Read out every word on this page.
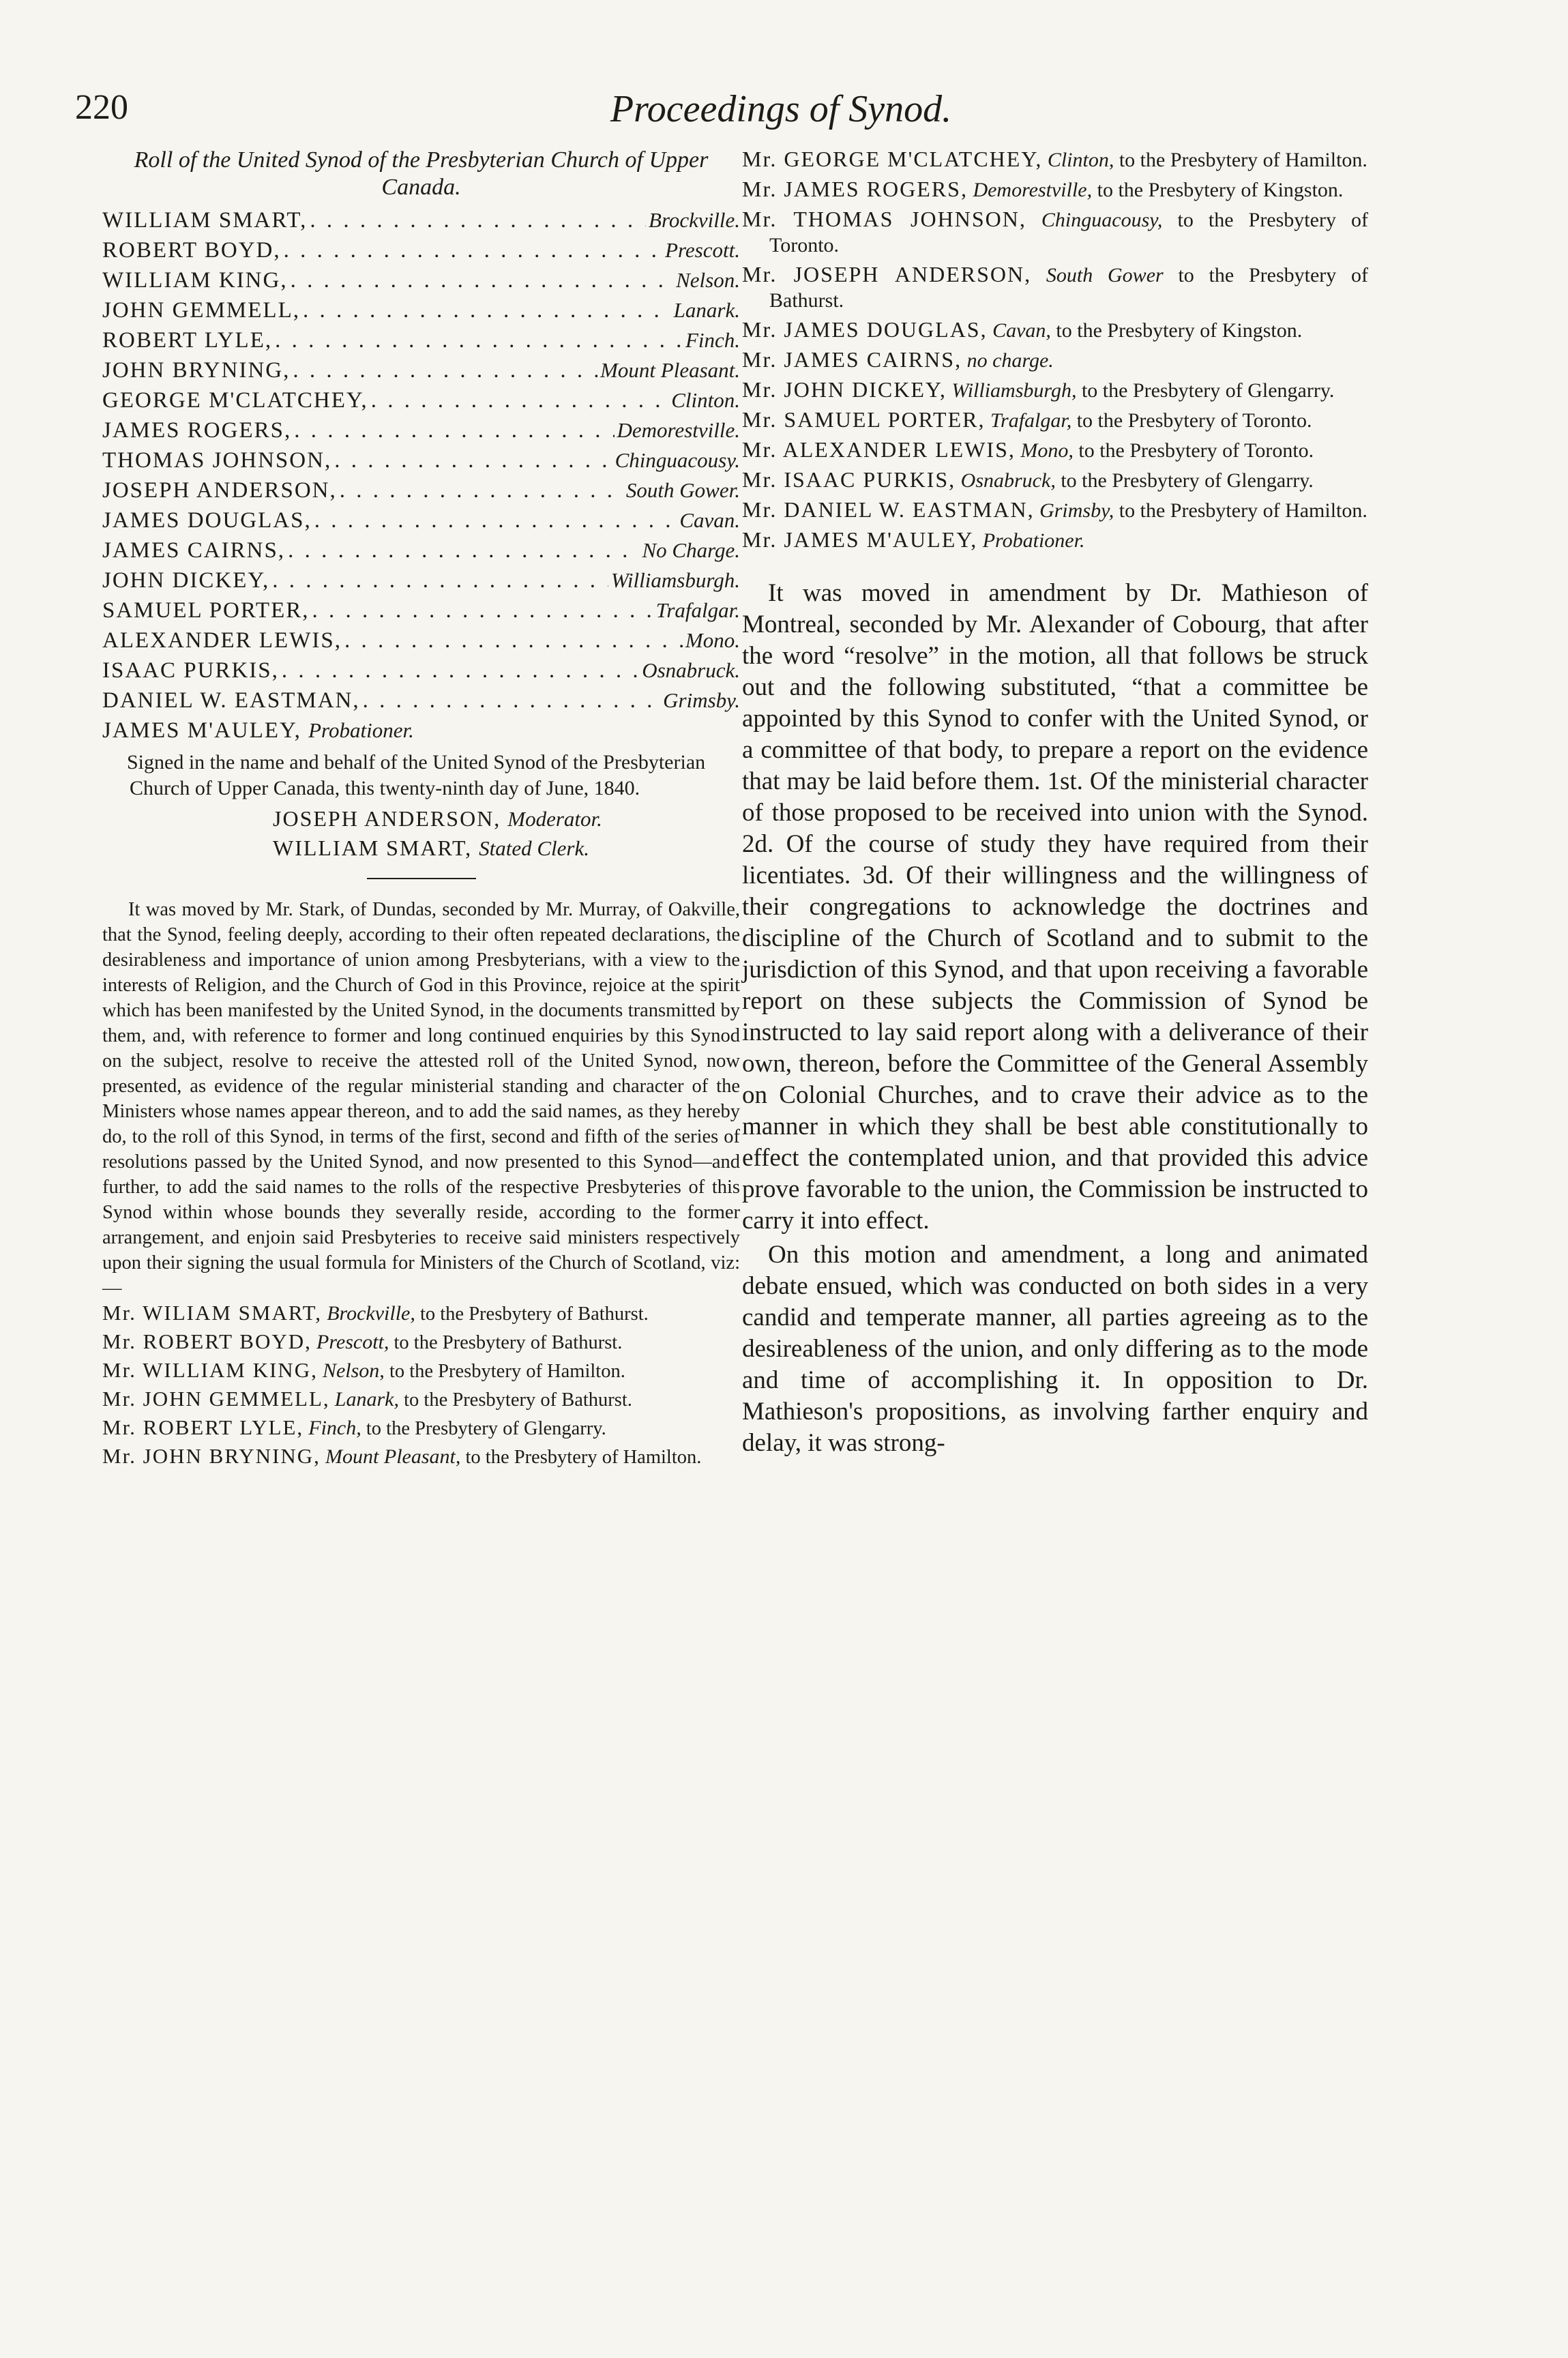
220	Proceedings of Synod.
Roll of the United Synod of the Presbyterian Church of Upper Canada.
WILLIAM SMART, . . .	Brockville.
ROBERT BOYD, . . .	Prescott.
WILLIAM KING, . . .	Nelson.
JOHN GEMMELL, . . .	Lanark.
ROBERT LYLE, . . .	Finch.
JOHN BRYNING, . . .	Mount Pleasant.
GEORGE M'CLATCHEY, . . .	Clinton.
JAMES ROGERS, . . .	Demorestville.
THOMAS JOHNSON, . . .	Chinguacousy.
JOSEPH ANDERSON, . . .	South Gower.
JAMES DOUGLAS, . . .	Cavan.
JAMES CAIRNS, . . .	No Charge.
JOHN DICKEY, . . .	Williamsburgh.
SAMUEL PORTER, . . .	Trafalgar.
ALEXANDER LEWIS, . . .	Mono.
ISAAC PURKIS, . . .	Osnabruck.
DANIEL W. EASTMAN, . . .	Grimsby.
JAMES M'AULEY, Probationer.
Signed in the name and behalf of the United Synod of the Presbyterian Church of Upper Canada, this twenty-ninth day of June, 1840.
JOSEPH ANDERSON, Moderator.
WILLIAM SMART, Stated Clerk.

It was moved by Mr. Stark, of Dundas, seconded by Mr. Murray, of Oakville, that the Synod, feeling deeply, according to their often repeated declarations, the desirableness and importance of union among Presbyterians, with a view to the interests of Religion, and the Church of God in this Province, rejoice at the spirit which has been manifested by the United Synod, in the documents transmitted by them, and, with reference to former and long continued enquiries by this Synod on the subject, resolve to receive the attested roll of the United Synod, now presented, as evidence of the regular ministerial standing and character of the Ministers whose names appear thereon, and to add the said names, as they hereby do, to the roll of this Synod, in terms of the first, second and fifth of the series of resolutions passed by the United Synod, and now presented to this Synod—and further, to add the said names to the rolls of the respective Presbyteries of this Synod within whose bounds they severally reside, according to the former arrangement, and enjoin said Presbyteries to receive said ministers respectively upon their signing the usual formula for Ministers of the Church of Scotland, viz:—

Mr. WILIAM SMART, Brockville, to the Presbytery of Bathurst.

Mr. ROBERT BOYD, Prescott, to the Presbytery of Bathurst.

Mr. WILLIAM KING, Nelson, to the Presbytery of Hamilton.

Mr. JOHN GEMMELL, Lanark, to the Presbytery of Bathurst.

Mr. ROBERT LYLE, Finch, to the Presbytery of Glengarry.

Mr. JOHN BRYNING, Mount Pleasant, to the Presbytery of Hamilton.

Mr. GEORGE M'CLATCHEY, Clinton, to the Presbytery of Hamilton.

Mr. JAMES ROGERS, Demorestville, to the Presbytery of Kingston.

Mr. THOMAS JOHNSON, Chinguacousy, to the Presbytery of Toronto.

Mr. JOSEPH ANDERSON, South Gower to the Presbytery of Bathurst.

Mr. JAMES DOUGLAS, Cavan, to the Presbytery of Kingston.

Mr. JAMES CAIRNS, no charge.

Mr. JOHN DICKEY, Williamsburgh, to the Presbytery of Glengarry.

Mr. SAMUEL PORTER, Trafalgar, to the Presbytery of Toronto.

Mr. ALEXANDER LEWIS, Mono, to the Presbytery of Toronto.

Mr. ISAAC PURKIS, Osnabruck, to the Presbytery of Glengarry.

Mr. DANIEL W. EASTMAN, Grimsby, to the Presbytery of Hamilton.

Mr. JAMES M'AULEY, Probationer.

It was moved in amendment by Dr. Mathieson of Montreal, seconded by Mr. Alexander of Cobourg, that after the word “resolve” in the motion, all that follows be struck out and the following substituted, “that a committee be appointed by this Synod to confer with the United Synod, or a committee of that body, to prepare a report on the evidence that may be laid before them. 1st. Of the ministerial character of those proposed to be received into union with the Synod. 2d. Of the course of study they have required from their licentiates. 3d. Of their willingness and the willingness of their congregations to acknowledge the doctrines and discipline of the Church of Scotland and to submit to the jurisdiction of this Synod, and that upon receiving a favorable report on these subjects the Commission of Synod be instructed to lay said report along with a deliverance of their own, thereon, before the Committee of the General Assembly on Colonial Churches, and to crave their advice as to the manner in which they shall be best able constitutionally to effect the contemplated union, and that provided this advice prove favorable to the union, the Commission be instructed to carry it into effect.

On this motion and amendment, a long and animated debate ensued, which was conducted on both sides in a very candid and temperate manner, all parties agreeing as to the desireableness of the union, and only differing as to the mode and time of accomplishing it. In opposition to Dr. Mathieson's propositions, as involving farther enquiry and delay, it was strong-
